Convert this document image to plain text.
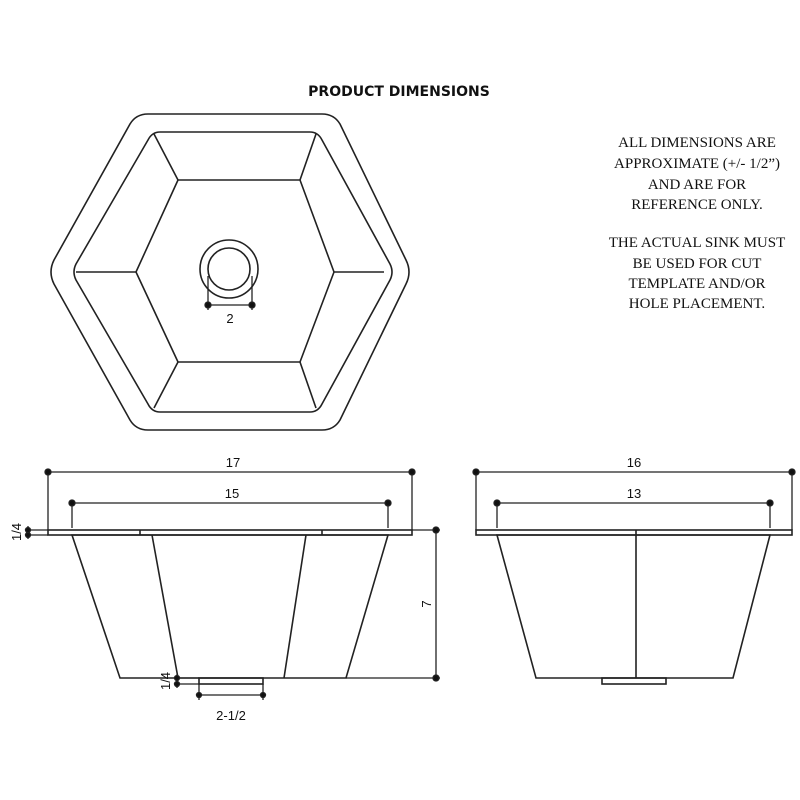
PRODUCT DIMENSIONS
ALL DIMENSIONS ARE
APPROXIMATE (+/- 1/2”)
AND ARE FOR
REFERENCE ONLY.
THE ACTUAL SINK MUST
BE USED FOR CUT
TEMPLATE AND/OR
HOLE PLACEMENT.
2
17
15
1/4
7
1/4
2-1/2
16
13
